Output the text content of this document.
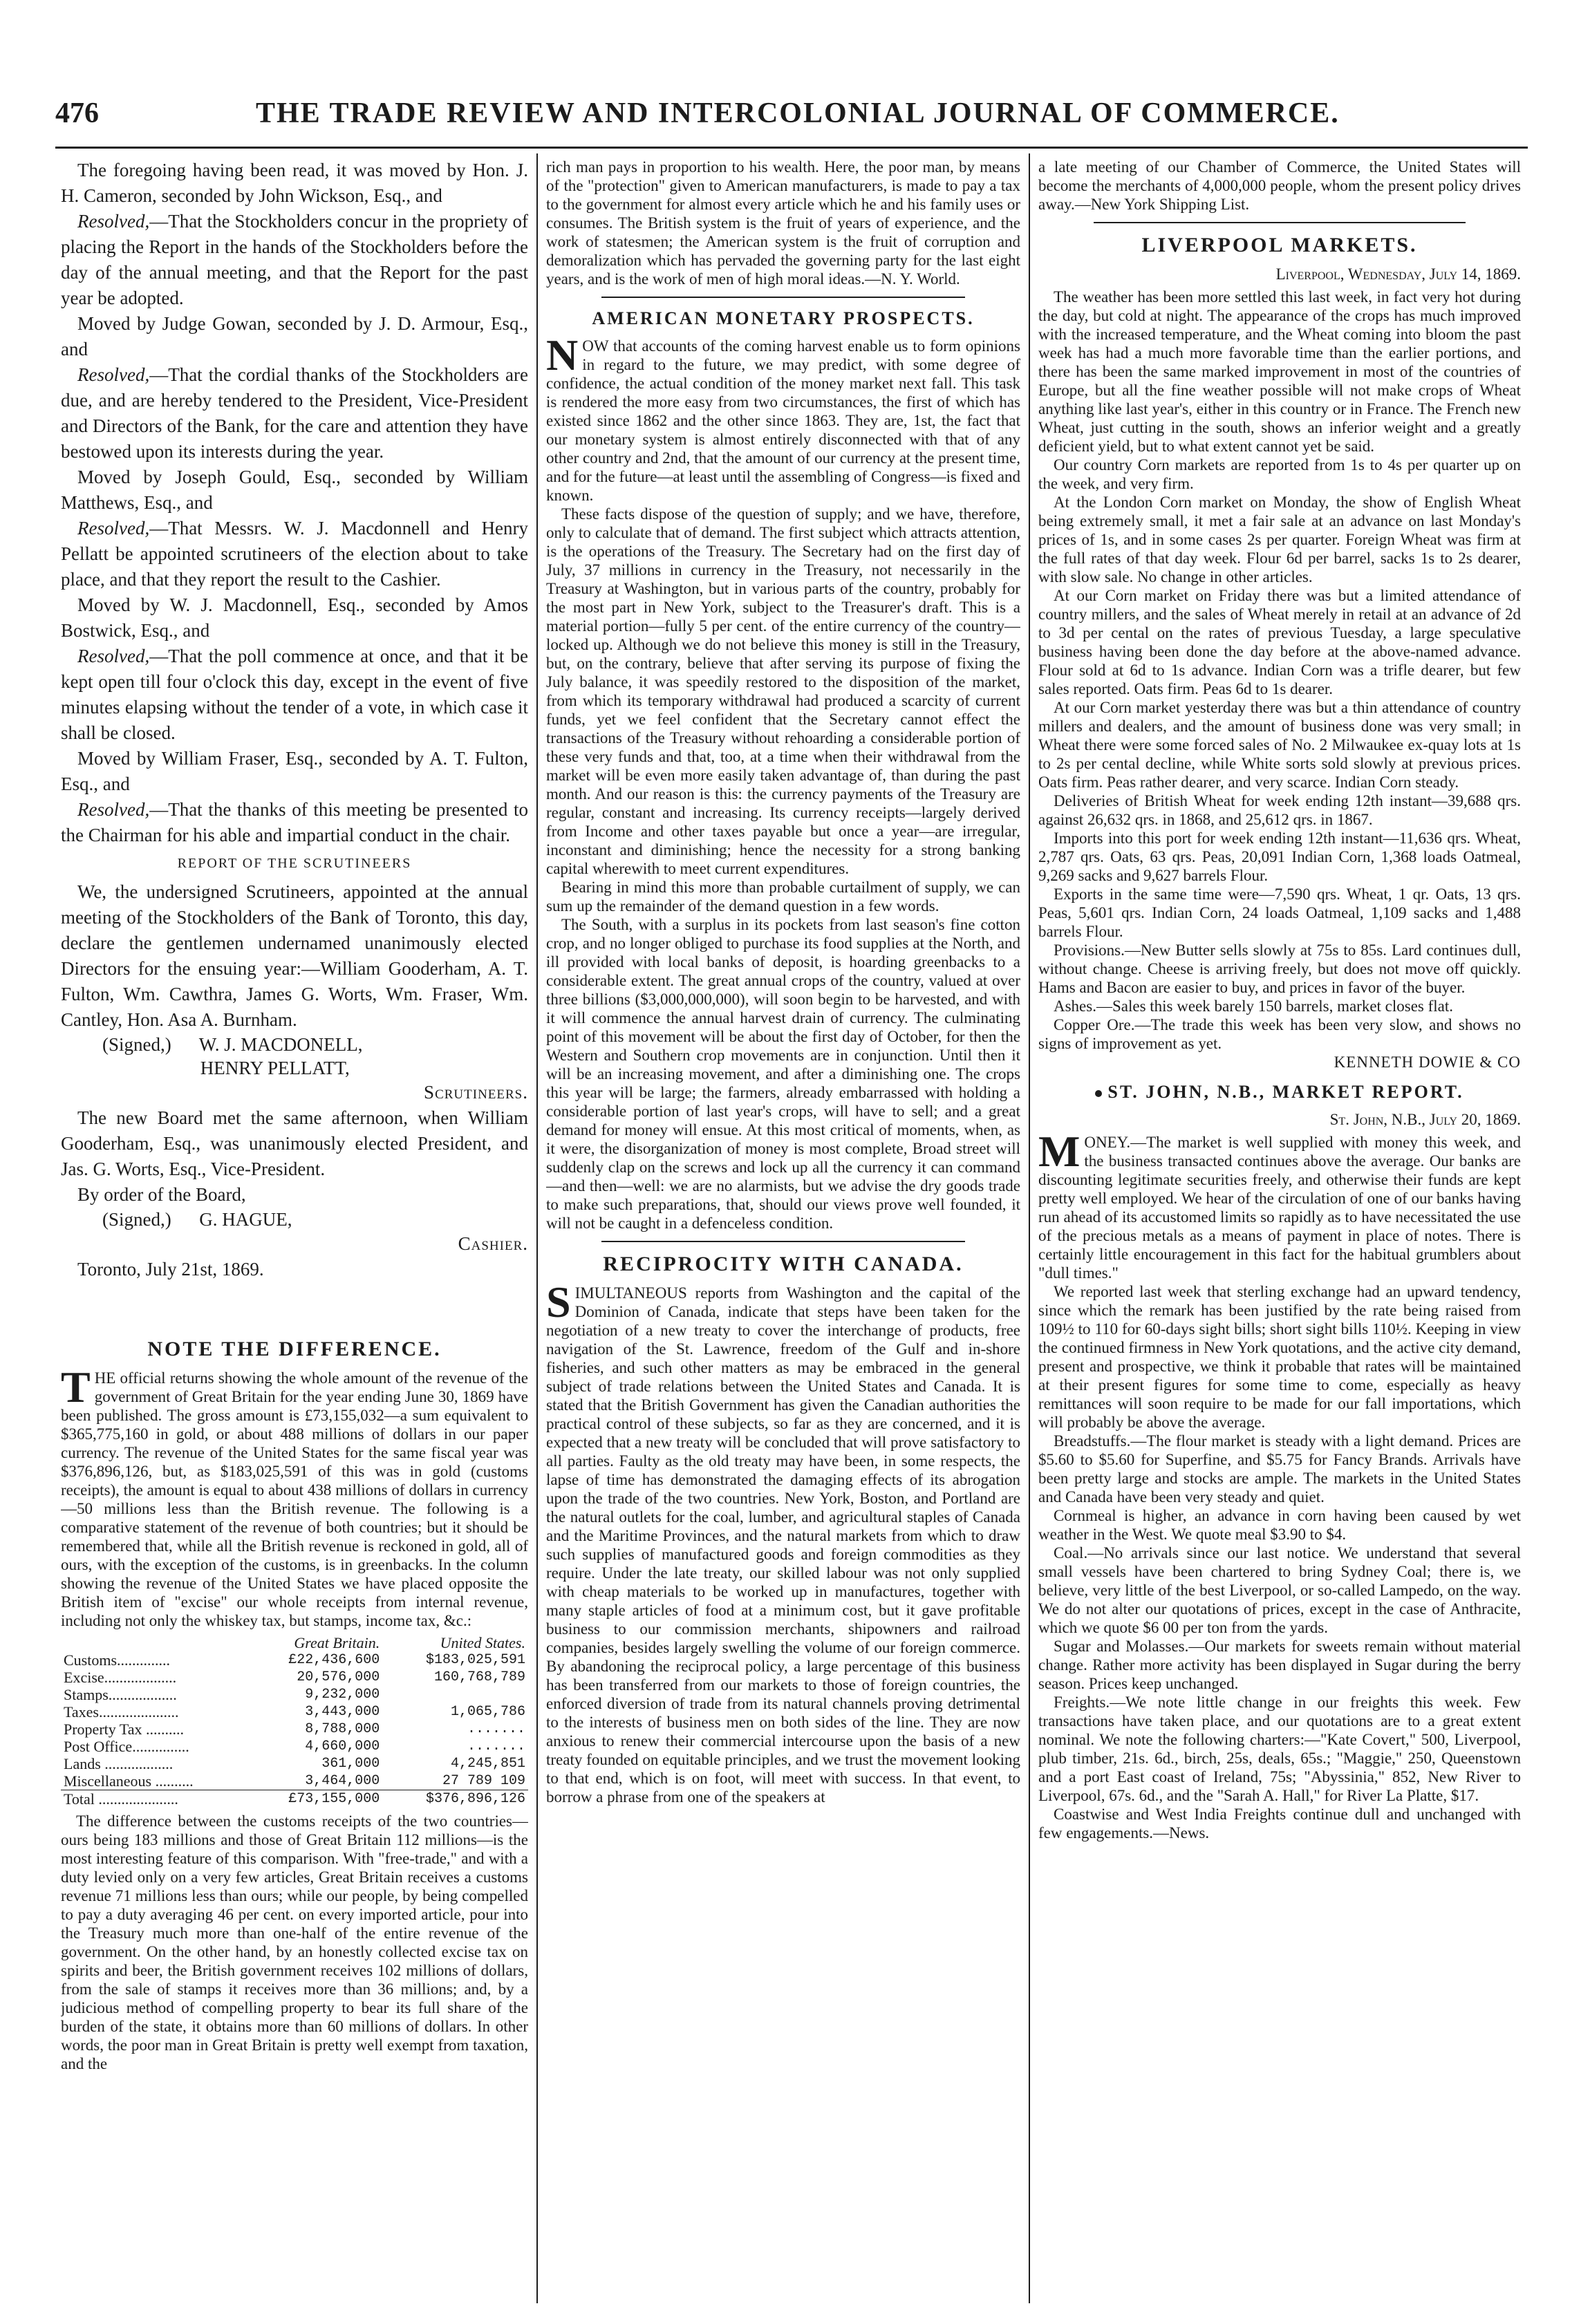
476	THE TRADE REVIEW AND INTERCOLONIAL JOURNAL OF COMMERCE.

The foregoing having been read, it was moved by Hon. J. H. Cameron, seconded by John Wickson, Esq., and

Resolved,—That the Stockholders concur in the propriety of placing the Report in the hands of the Stockholders before the day of the annual meeting, and that the Report for the past year be adopted.

Moved by Judge Gowan, seconded by J. D. Armour, Esq., and

Resolved,—That the cordial thanks of the Stockholders are due, and are hereby tendered to the President, Vice-President and Directors of the Bank, for the care and attention they have bestowed upon its interests during the year.

Moved by Joseph Gould, Esq., seconded by William Matthews, Esq., and

Resolved,—That Messrs. W. J. Macdonnell and Henry Pellatt be appointed scrutineers of the election about to take place, and that they report the result to the Cashier.

Moved by W. J. Macdonnell, Esq., seconded by Amos Bostwick, Esq., and

Resolved,—That the poll commence at once, and that it be kept open till four o'clock this day, except in the event of five minutes elapsing without the tender of a vote, in which case it shall be closed.

Moved by William Fraser, Esq., seconded by A. T. Fulton, Esq., and

Resolved,—That the thanks of this meeting be presented to the Chairman for his able and impartial conduct in the chair.

REPORT OF THE SCRUTINEERS

We, the undersigned Scrutineers, appointed at the annual meeting of the Stockholders of the Bank of Toronto, this day, declare the gentlemen undernamed unanimously elected Directors for the ensuing year:—William Gooderham, A. T. Fulton, Wm. Cawthra, James G. Worts, Wm. Fraser, Wm. Cantley, Hon. Asa A. Burnham.

(Signed,)      W. J. MACDONELL,
HENRY PELLATT,
Scrutineers.

The new Board met the same afternoon, when William Gooderham, Esq., was unanimously elected President, and Jas. G. Worts, Esq., Vice-President.

By order of the Board,

(Signed,)      G. HAGUE,
Cashier.

Toronto, July 21st, 1869.

NOTE THE DIFFERENCE.

THE official returns showing the whole amount of the revenue of the government of Great Britain for the year ending June 30, 1869 have been published. The gross amount is £73,155,032—a sum equivalent to $365,775,160 in gold, or about 488 millions of dollars in our paper currency. The revenue of the United States for the same fiscal year was $376,896,126, but, as $183,025,591 of this was in gold (customs receipts), the amount is equal to about 438 millions of dollars in currency—50 millions less than the British revenue. The following is a comparative statement of the revenue of both countries; but it should be remembered that, while all the British revenue is reckoned in gold, all of ours, with the exception of the customs, is in greenbacks. In the column showing the revenue of the United States we have placed opposite the British item of "excise" our whole receipts from internal revenue, including not only the whiskey tax, but stamps, income tax, &c.:

	Great Britain.	United States.
Customs..............	£22,436,600	$183,025,591
Excise...................	20,576,000	160,768,789
Stamps..................	9,232,000	
Taxes.....................	3,443,000	1,065,786
Property Tax ..........	8,788,000	.......
Post Office...............	4,660,000	.......
Lands ..................	361,000	4,245,851
Miscellaneous ..........	3,464,000	27 789 109
Total .....................	£73,155,000	$376,896,126

The difference between the customs receipts of the two countries—ours being 183 millions and those of Great Britain 112 millions—is the most interesting feature of this comparison. With "free-trade," and with a duty levied only on a very few articles, Great Britain receives a customs revenue 71 millions less than ours; while our people, by being compelled to pay a duty averaging 46 per cent. on every imported article, pour into the Treasury much more than one-half of the entire revenue of the government. On the other hand, by an honestly collected excise tax on spirits and beer, the British government receives 102 millions of dollars, from the sale of stamps it receives more than 36 millions; and, by a judicious method of compelling property to bear its full share of the burden of the state, it obtains more than 60 millions of dollars. In other words, the poor man in Great Britain is pretty well exempt from taxation, and the

rich man pays in proportion to his wealth. Here, the poor man, by means of the "protection" given to American manufacturers, is made to pay a tax to the government for almost every article which he and his family uses or consumes. The British system is the fruit of years of experience, and the work of statesmen; the American system is the fruit of corruption and demoralization which has pervaded the governing party for the last eight years, and is the work of men of high moral ideas.—N. Y. World.

AMERICAN MONETARY PROSPECTS.

NOW that accounts of the coming harvest enable us to form opinions in regard to the future, we may predict, with some degree of confidence, the actual condition of the money market next fall. This task is rendered the more easy from two circumstances, the first of which has existed since 1862 and the other since 1863. They are, 1st, the fact that our monetary system is almost entirely disconnected with that of any other country and 2nd, that the amount of our currency at the present time, and for the future—at least until the assembling of Congress—is fixed and known.

These facts dispose of the question of supply; and we have, therefore, only to calculate that of demand. The first subject which attracts attention, is the operations of the Treasury. The Secretary had on the first day of July, 37 millions in currency in the Treasury, not necessarily in the Treasury at Washington, but in various parts of the country, probably for the most part in New York, subject to the Treasurer's draft. This is a material portion—fully 5 per cent. of the entire currency of the country—locked up. Although we do not believe this money is still in the Treasury, but, on the contrary, believe that after serving its purpose of fixing the July balance, it was speedily restored to the disposition of the market, from which its temporary withdrawal had produced a scarcity of current funds, yet we feel confident that the Secretary cannot effect the transactions of the Treasury without rehoarding a considerable portion of these very funds and that, too, at a time when their withdrawal from the market will be even more easily taken advantage of, than during the past month. And our reason is this: the currency payments of the Treasury are regular, constant and increasing. Its currency receipts—largely derived from Income and other taxes payable but once a year—are irregular, inconstant and diminishing; hence the necessity for a strong banking capital wherewith to meet current expenditures.

Bearing in mind this more than probable curtailment of supply, we can sum up the remainder of the demand question in a few words.

The South, with a surplus in its pockets from last season's fine cotton crop, and no longer obliged to purchase its food supplies at the North, and ill provided with local banks of deposit, is hoarding greenbacks to a considerable extent. The great annual crops of the country, valued at over three billions ($3,000,000,000), will soon begin to be harvested, and with it will commence the annual harvest drain of currency. The culminating point of this movement will be about the first day of October, for then the Western and Southern crop movements are in conjunction. Until then it will be an increasing movement, and after a diminishing one. The crops this year will be large; the farmers, already embarrassed with holding a considerable portion of last year's crops, will have to sell; and a great demand for money will ensue. At this most critical of moments, when, as it were, the disorganization of money is most complete, Broad street will suddenly clap on the screws and lock up all the currency it can command—and then—well: we are no alarmists, but we advise the dry goods trade to make such preparations, that, should our views prove well founded, it will not be caught in a defenceless condition.

RECIPROCITY WITH CANADA.

SIMULTANEOUS reports from Washington and the capital of the Dominion of Canada, indicate that steps have been taken for the negotiation of a new treaty to cover the interchange of products, free navigation of the St. Lawrence, freedom of the Gulf and in-shore fisheries, and such other matters as may be embraced in the general subject of trade relations between the United States and Canada. It is stated that the British Government has given the Canadian authorities the practical control of these subjects, so far as they are concerned, and it is expected that a new treaty will be concluded that will prove satisfactory to all parties. Faulty as the old treaty may have been, in some respects, the lapse of time has demonstrated the damaging effects of its abrogation upon the trade of the two countries. New York, Boston, and Portland are the natural outlets for the coal, lumber, and agricultural staples of Canada and the Maritime Provinces, and the natural markets from which to draw such supplies of manufactured goods and foreign commodities as they require. Under the late treaty, our skilled labour was not only supplied with cheap materials to be worked up in manufactures, together with many staple articles of food at a minimum cost, but it gave profitable business to our commission merchants, shipowners and railroad companies, besides largely swelling the volume of our foreign commerce. By abandoning the reciprocal policy, a large percentage of this business has been transferred from our markets to those of foreign countries, the enforced diversion of trade from its natural channels proving detrimental to the interests of business men on both sides of the line. They are now anxious to renew their commercial intercourse upon the basis of a new treaty founded on equitable principles, and we trust the movement looking to that end, which is on foot, will meet with success. In that event, to borrow a phrase from one of the speakers at

a late meeting of our Chamber of Commerce, the United States will become the merchants of 4,000,000 people, whom the present policy drives away.—New York Shipping List.

LIVERPOOL MARKETS.
Liverpool, Wednesday, July 14, 1869.

The weather has been more settled this last week, in fact very hot during the day, but cold at night. The appearance of the crops has much improved with the increased temperature, and the Wheat coming into bloom the past week has had a much more favorable time than the earlier portions, and there has been the same marked improvement in most of the countries of Europe, but all the fine weather possible will not make crops of Wheat anything like last year's, either in this country or in France. The French new Wheat, just cutting in the south, shows an inferior weight and a greatly deficient yield, but to what extent cannot yet be said.

Our country Corn markets are reported from 1s to 4s per quarter up on the week, and very firm.

At the London Corn market on Monday, the show of English Wheat being extremely small, it met a fair sale at an advance on last Monday's prices of 1s, and in some cases 2s per quarter. Foreign Wheat was firm at the full rates of that day week. Flour 6d per barrel, sacks 1s to 2s dearer, with slow sale. No change in other articles.

At our Corn market on Friday there was but a limited attendance of country millers, and the sales of Wheat merely in retail at an advance of 2d to 3d per cental on the rates of previous Tuesday, a large speculative business having been done the day before at the above-named advance. Flour sold at 6d to 1s advance. Indian Corn was a trifle dearer, but few sales reported. Oats firm. Peas 6d to 1s dearer.

At our Corn market yesterday there was but a thin attendance of country millers and dealers, and the amount of business done was very small; in Wheat there were some forced sales of No. 2 Milwaukee ex-quay lots at 1s to 2s per cental decline, while White sorts sold slowly at previous prices. Oats firm. Peas rather dearer, and very scarce. Indian Corn steady.

Deliveries of British Wheat for week ending 12th instant—39,688 qrs. against 26,632 qrs. in 1868, and 25,612 qrs. in 1867.

Imports into this port for week ending 12th instant—11,636 qrs. Wheat, 2,787 qrs. Oats, 63 qrs. Peas, 20,091 Indian Corn, 1,368 loads Oatmeal, 9,269 sacks and 9,627 barrels Flour.

Exports in the same time were—7,590 qrs. Wheat, 1 qr. Oats, 13 qrs. Peas, 5,601 qrs. Indian Corn, 24 loads Oatmeal, 1,109 sacks and 1,488 barrels Flour.

Provisions.—New Butter sells slowly at 75s to 85s. Lard continues dull, without change. Cheese is arriving freely, but does not move off quickly. Hams and Bacon are easier to buy, and prices in favor of the buyer.

Ashes.—Sales this week barely 150 barrels, market closes flat.

Copper Ore.—The trade this week has been very slow, and shows no signs of improvement as yet.

KENNETH DOWIE & CO
ST. JOHN, N.B., MARKET REPORT.
St. John, N.B., July 20, 1869.

MONEY.—The market is well supplied with money this week, and the business transacted continues above the average. Our banks are discounting legitimate securities freely, and otherwise their funds are kept pretty well employed. We hear of the circulation of one of our banks having run ahead of its accustomed limits so rapidly as to have necessitated the use of the precious metals as a means of payment in place of notes. There is certainly little encouragement in this fact for the habitual grumblers about "dull times."

We reported last week that sterling exchange had an upward tendency, since which the remark has been justified by the rate being raised from 109½ to 110 for 60-days sight bills; short sight bills 110½. Keeping in view the continued firmness in New York quotations, and the active city demand, present and prospective, we think it probable that rates will be maintained at their present figures for some time to come, especially as heavy remittances will soon require to be made for our fall importations, which will probably be above the average.

Breadstuffs.—The flour market is steady with a light demand. Prices are $5.60 to $5.60 for Superfine, and $5.75 for Fancy Brands. Arrivals have been pretty large and stocks are ample. The markets in the United States and Canada have been very steady and quiet.

Cornmeal is higher, an advance in corn having been caused by wet weather in the West. We quote meal $3.90 to $4.

Coal.—No arrivals since our last notice. We understand that several small vessels have been chartered to bring Sydney Coal; there is, we believe, very little of the best Liverpool, or so-called Lampedo, on the way. We do not alter our quotations of prices, except in the case of Anthracite, which we quote $6 00 per ton from the yards.

Sugar and Molasses.—Our markets for sweets remain without material change. Rather more activity has been displayed in Sugar during the berry season. Prices keep unchanged.

Freights.—We note little change in our freights this week. Few transactions have taken place, and our quotations are to a great extent nominal. We note the following charters:—"Kate Covert," 500, Liverpool, plub timber, 21s. 6d., birch, 25s, deals, 65s.; "Maggie," 250, Queenstown and a port East coast of Ireland, 75s; "Abyssinia," 852, New River to Liverpool, 67s. 6d., and the "Sarah A. Hall," for River La Platte, $17.

Coastwise and West India Freights continue dull and unchanged with few engagements.—News.
